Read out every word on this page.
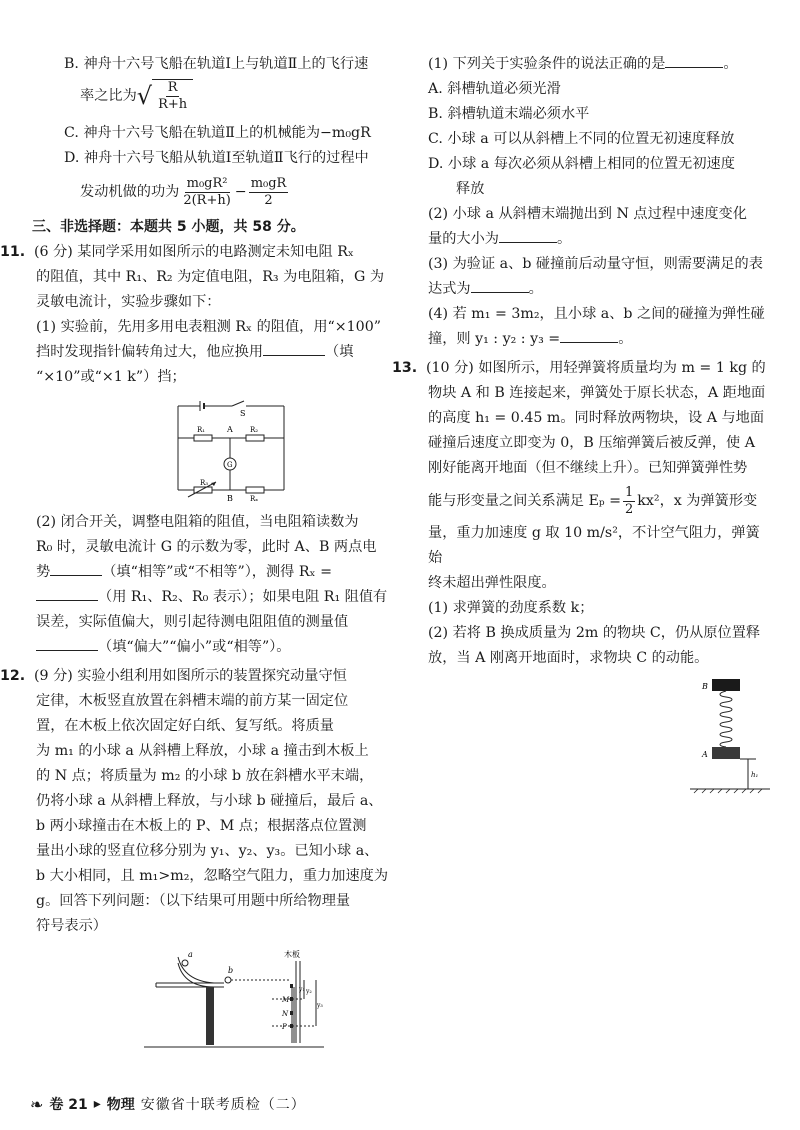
B. 神舟十六号飞船在轨道Ⅰ上与轨道Ⅱ上的飞行速

率之比为 √ $\frac{R}{R+h}$

C. 神舟十六号飞船在轨道Ⅱ上的机械能为−m₀gR

D. 神舟十六号飞船从轨道Ⅰ至轨道Ⅱ飞行的过程中

发动机做的功为 $\frac{\text{m₀gR²}}{2(R+h)} - \frac{\text{m₀gR}}{2}$

三、非选择题：本题共 5 小题，共 58 分。

11. (6 分) 某同学采用如图所示的电路测定未知电阻 Rₓ

的阻值，其中 R₁、R₂ 为定值电阻，R₃ 为电阻箱，G 为

灵敏电流计，实验步骤如下：

(1) 实验前，先用多用电表粗测 Rₓ 的阻值，用“×100”

挡时发现指针偏转角过大，他应换用	（填

“×10”或“×1 k”）挡；

S
R₁	A R₂
G
R₃
B Rₓ

(2) 闭合开关，调整电阻箱的阻值，当电阻箱读数为

R₀ 时，灵敏电流计 G 的示数为零，此时 A、B 两点电

势	（填“相等”或“不相等”），测得 Rₓ =

（用 R₁、R₂、R₀ 表示）；如果电阻 R₁ 阻值有

误差，实际值偏大，则引起待测电阻阻值的测量值

（填“偏大”“偏小”或“相等”）。

12. (9 分) 实验小组利用如图所示的装置探究动量守恒

定律，木板竖直放置在斜槽末端的前方某一固定位

置，在木板上依次固定好白纸、复写纸。将质量

为 m₁ 的小球 a 从斜槽上释放，小球 a 撞击到木板上

的 N 点；将质量为 m₂ 的小球 b 放在斜槽水平末端，

仍将小球 a 从斜槽上释放，与小球 b 碰撞后，最后 a、

b 两小球撞击在木板上的 P、M 点；根据落点位置测

量出小球的竖直位移分别为 y₁、y₂、y₃。已知小球 a、

b 大小相同，且 m₁>m₂，忽略空气阻力，重力加速度为

g。回答下列问题：（以下结果可用题中所给物理量

符号表示）

a
b
木板
M
N
P
y₁ y₂
y₃

(1) 下列关于实验条件的说法正确的是	。

A. 斜槽轨道必须光滑

B. 斜槽轨道末端必须水平

C. 小球 a 可以从斜槽上不同的位置无初速度释放

D. 小球 a 每次必须从斜槽上相同的位置无初速度

释放

(2) 小球 a 从斜槽末端抛出到 N 点过程中速度变化

量的大小为	。

(3) 为验证 a、b 碰撞前后动量守恒，则需要满足的表

达式为	。

(4) 若 m₁ = 3m₂，且小球 a、b 之间的碰撞为弹性碰

撞，则 y₁ : y₂ : y₃ =	。

13. (10 分) 如图所示，用轻弹簧将质量均为 m = 1 kg 的

物块 A 和 B 连接起来，弹簧处于原长状态，A 距地面

的高度 h₁ = 0.45 m。同时释放两物块，设 A 与地面

碰撞后速度立即变为 0，B 压缩弹簧后被反弹，使 A

刚好能离开地面（但不继续上升）。已知弹簧弹性势

能与形变量之间关系满足 $E_p = \frac{1}{2} kx^2$，x 为弹簧形变

量，重力加速度 g 取 10 m/s²，不计空气阻力，弹簧始

终未超出弹性限度。

(1) 求弹簧的劲度系数 k；

(2) 若将 B 换成质量为 2m 的物块 C，仍从原位置释

放，当 A 刚离开地面时，求物块 C 的动能。

B
A
h₁
❧ 卷 21 ▸ 物理 安徽省十联考质检（二）
